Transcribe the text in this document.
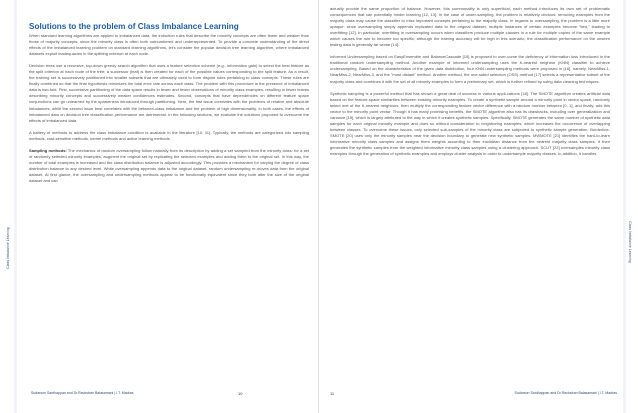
Class Imbalance Learning
Solutions to the problem of Class Imbalance Learning

When standard learning algorithms are applied to imbalanced data, the induction rules that describe the minority concepts are often fewer and weaker than those of majority concepts, since the minority class is often both outnumbered and underrepresented. To provide a concrete understanding of the direct effects of the imbalanced learning problem on standard learning algorithms, let's consider the popular decision tree learning algorithm, where imbalanced datasets exploit inadequacies in the splitting criterion at each node.

Decision trees use a recursive, top-down greedy search algorithm that uses a feature selection scheme (e.g., information gain) to select the best feature as the split criterion at each node of the tree; a successor (leaf) is then created for each of the possible values corresponding to the split feature. As a result, the training set is successively partitioned into smaller subsets that are ultimately used to form disjoint rules pertaining to class concepts. These rules are finally combined so that the final hypothesis minimizes the total error rate across each class. The problem with this procedure in the presence of imbalanced data is two-fold. First, successive partitioning of the data space results in fewer and fewer observations of minority class examples, resulting in fewer leaves describing minority concepts and successively weaker confidences estimates. Second, concepts that have dependencies on different feature space conjunctions can go unlearned by the sparseness introduced through partitioning. Here, the first issue correlates with the problems of relative and absolute imbalances, while the second issue best correlates with the between-class imbalance and the problem of high dimensionality. In both cases, the effects of imbalanced data on decision tree classification performance are detrimental. In the following sections, we evaluate the solutions proposed to overcome the effects of imbalanced data.

A battery of methods to address the class imbalance condition is available in the literature [10, 11]. Typically, the methods are categorized into sampling methods, cost-sensitive methods, kernel methods and active learning methods.

Sampling methods: The mechanics of random oversampling follow naturally from its description by adding a set sampled from the minority class: for a set of randomly selected minority examples, augment the original set by replicating the selected examples and adding them to the original set. In this way, the number of total examples is increased and the class distribution balance is adjusted accordingly. This provides a mechanism for varying the degree of class distribution balance to any desired level. While oversampling appends data to the original dataset, random undersampling re-moves data from the original dataset. At first glance, the oversampling and undersampling methods appear to be functionally equivalent since they both alter the size of the original dataset and can

Sudarson Santhappan and Dr.Ravindran Balasamani | I.T. Madras	10

actually provide the same proportion of balance. However, this commonality is only superficial; each method introduces its own set of problematic consequences that can potentially hinder learning [12, 13]. In the case of under-sampling, the problem is relatively obvious: removing examples from the majority class may cause the classifier to miss important concepts pertaining to the majority class. In regards to oversampling, the problem is a little more opaque: since oversampling simply appends replicated data to the original dataset, multiple instances of certain examples become "tied," leading to overfitting [12]. In particular, overfitting in oversampling occurs when classifiers produce multiple clauses in a rule for multiple copies of the same example which causes the rule to become too specific; although the training accuracy will be high in this scenario, the classification performance on the unseen testing data is generally far worse [14].

Informed Undersampling based on EasyEnsemble and BalanceCascade [15] is proposed to over-come the deficiency of information loss introduced in the traditional random undersampling method. Another example of informed undersampling uses the K-nearest neighbor (KNN) classifier to achieve undersampling. Based on the characteristics of the given data distribution, four KNN undersampling methods were proposed in [16], namely, NearMiss-1, NearMiss-2, NearMiss-3, and the "most distant" method. Another method, the one-sided selection (OSS) method [17] selects a representative subset of the majority class and combines it with the set of all minority examples to form a preliminary set, which is further refined by using data cleaning techniques.

Synthetic sampling is a powerful method that has shown a great deal of success in various appli-cations [18]. The SMOTE algorithm creates artificial data based on the feature-space similarities between existing minority examples. To create a synthetic sample around a minority point in vector space, randomly select one of the K-nearest neighbors, then multiply the corresponding feature vector difference with a random number between [0, 1], and finally, add this vector to the minority point vector. Though it has many promising benefits, the SMOTE algorithm also has its drawbacks, including over generalization and variance [19], which is largely attributed to the way in which it creates synthetic samples. Specifically, SMOTE generates the same number of synthetic data samples for each original minority example and does so without consideration to neighboring examples, which increases the occurrence of overlapping between classes. To overcome these issues, only selected sub-samples of the minority class are subjected to synthetic sample generation. Borderline-SMOTE [20] uses only the minority samples near the decision boundary to generate new synthetic samples. MWMOTE [21] identifies the hard-to-learn informative minority class samples and assigns them weights according to their euclidean distance from the nearest majority class samples. It then generates the synthetic samples from the weighted informative minority class samples using a clustering approach. SCUT [22] oversamples minority class examples through the generation of synthetic examples and employs cluster analysis in order to undersample majority classes. In addition, it handles

Class Imbalance Learning
11	Sudarson Santhappan and Dr.Ravindran Balasamani | I.T. Madras
